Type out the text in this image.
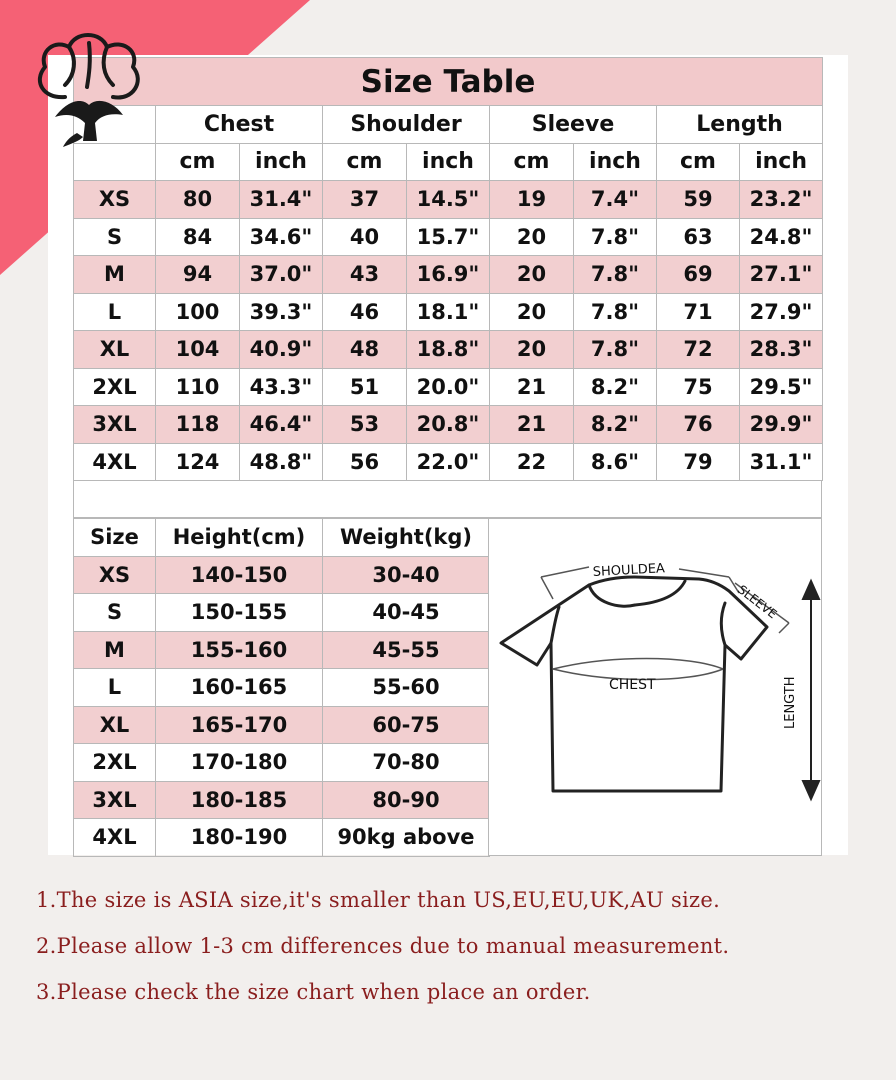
Size Table								
	Chest		Shoulder		Sleeve		Length	
	cm	inch	cm	inch	cm	inch	cm	inch
XS	80	31.4"	37	14.5"	19	7.4"	59	23.2"
S	84	34.6"	40	15.7"	20	7.8"	63	24.8"
M	94	37.0"	43	16.9"	20	7.8"	69	27.1"
L	100	39.3"	46	18.1"	20	7.8"	71	27.9"
XL	104	40.9"	48	18.8"	20	7.8"	72	28.3"
2XL	110	43.3"	51	20.0"	21	8.2"	75	29.5"
3XL	118	46.4"	53	20.8"	21	8.2"	76	29.9"
4XL	124	48.8"	56	22.0"	22	8.6"	79	31.1"
Size	Height(cm)	Weight(kg)
XS	140-150	30-40
S	150-155	40-45
M	155-160	45-55
L	160-165	55-60
XL	165-170	60-75
2XL	170-180	70-80
3XL	180-185	80-90
4XL	180-190	90kg above
SHOULDEA
SLEEVE
CHEST	LENGTH

1.The size is ASIA size,it's smaller than US,EU,EU,UK,AU size.

2.Please allow 1-3 cm differences due to manual measurement.

3.Please check the size chart when place an order.
